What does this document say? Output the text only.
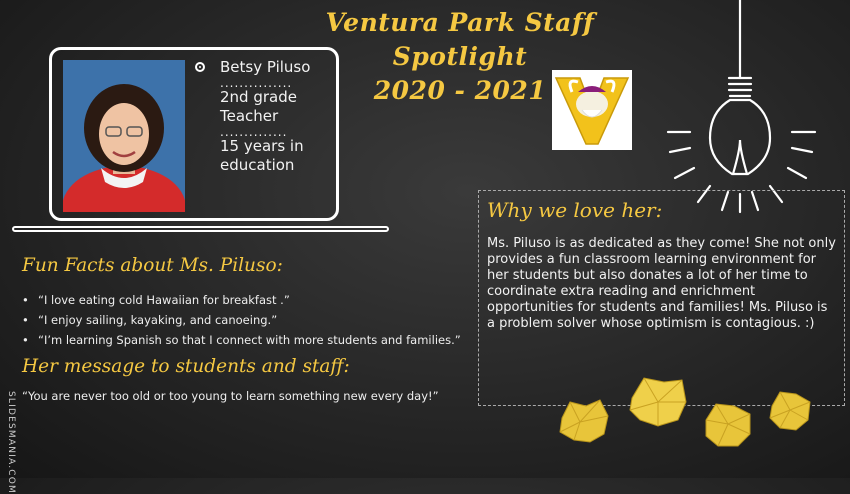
Ventura Park Staff Spotlight
2020 - 2021
Betsy Piluso
...............
2nd grade Teacher
..............
15 years in education
Why we love her:
Ms. Piluso is as dedicated as they come! She not only provides a fun classroom learning environment for her students but also donates a lot of her time to coordinate extra reading and enrichment opportunities for students and families! Ms. Piluso is a problem solver whose optimism is contagious. :)
Fun Facts about Ms. Piluso:
• “I love eating cold Hawaiian for breakfast .”
• “I enjoy sailing, kayaking, and canoeing.”
• “I’m learning Spanish so that I connect with more students and families.”
Her message to students and staff:
“You are never too old or too young to learn something new every day!”
SLIDESMANIA.COM
